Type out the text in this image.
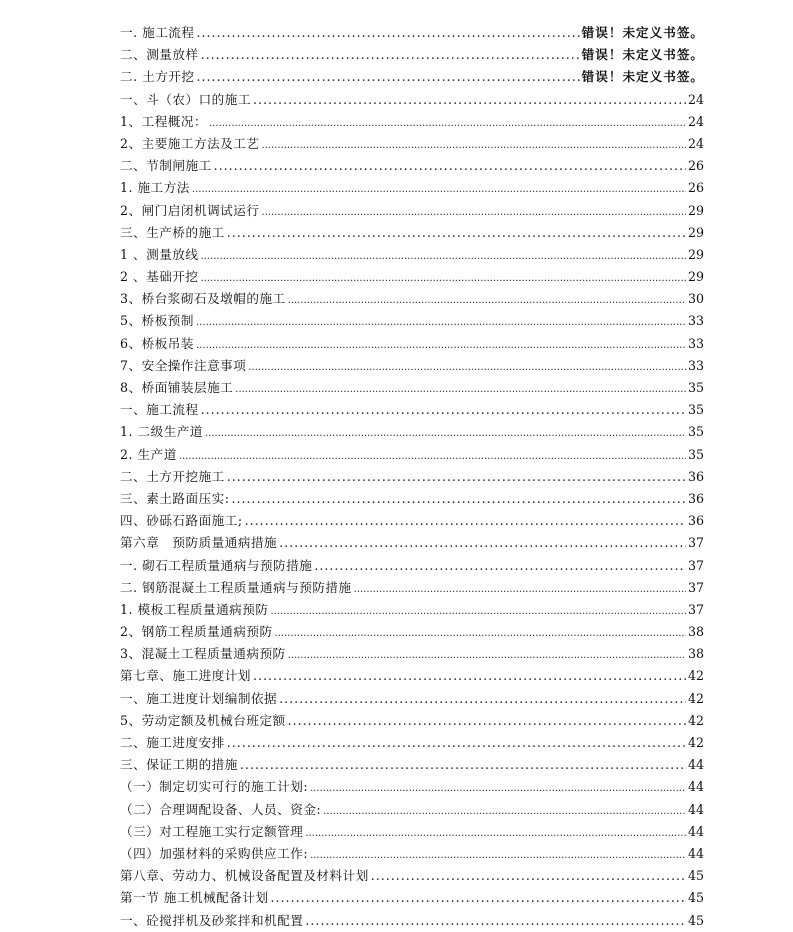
一. 施工流程 .....	错误！未定义书签。
二、测量放样 .....	错误！未定义书签。
二. 土方开挖 .....	错误！未定义书签。
一、斗（农）口的施工 .....	24
1、工程概况： .....	24
2、主要施工方法及工艺 .....	24
二、节制闸施工 .....	26
1. 施工方法 .....	26
2、闸门启闭机调试运行 .....	29
三、生产桥的施工 .....	29
1 、测量放线 .....	29
2 、基础开挖 .....	29
3、桥台浆砌石及墩帽的施工 .....	30
5、桥板预制 .....	33
6、桥板吊装 .....	33
7、安全操作注意事项 .....	33
8、桥面铺装层施工 .....	35
一、施工流程 .....	35
1. 二级生产道 .....	35
2. 生产道 .....	35
二、土方开挖施工 .....	36
三、素土路面压实: .....	36
四、砂砾石路面施工; .....	36
第六章　预防质量通病措施 .....	37
一. 砌石工程质量通病与预防措施 .....	37
二. 钢筋混凝土工程质量通病与预防措施 .....	37
1. 模板工程质量通病预防 .....	37
2、钢筋工程质量通病预防 .....	38
3、混凝土工程质量通病预防 .....	38
第七章、施工进度计划 .....	42
一、施工进度计划编制依据 .....	42
5、劳动定额及机械台班定额 .....	42
二、施工进度安排 .....	42
三、保证工期的措施 .....	44
（一）制定切实可行的施工计划: .....	44
（二）合理调配设备、人员、资金: .....	44
（三）对工程施工实行定额管理 .....	44
（四）加强材料的采购供应工作: .....	44
第八章、劳动力、机械设备配置及材料计划 .....	45
第一节 施工机械配备计划 .....	45
一、砼搅拌机及砂浆拌和机配置 .....	45
